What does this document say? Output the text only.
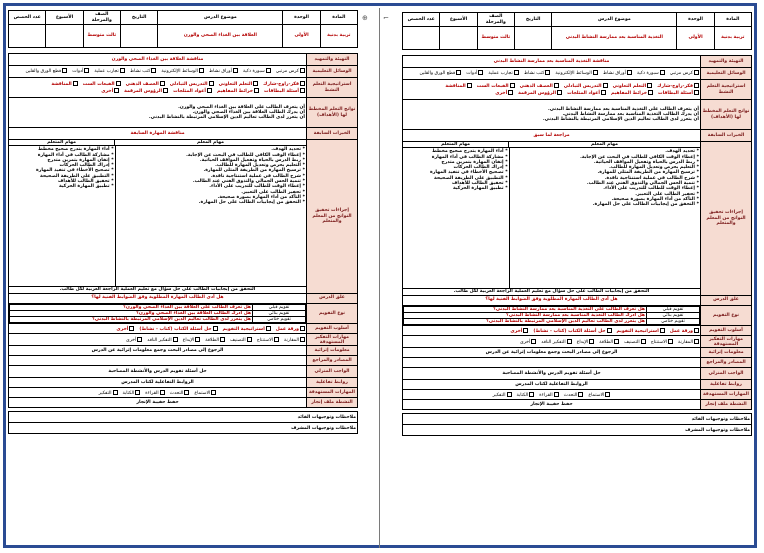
⊕ ⌐
المادة	الوحدة	موضوع الدرس	التاريخ	الصف والمرحلة	الأسبوع	عدد الحصص
تربية بدنية	الأولى	العلاقة بين الغذاء الصحي والوزن		ثالث متوسط		
التهيئة والتمهيد	مناقشة العلاقة بين الغذاء الصحي والوزن
الوسائل التعليمية	
كرس مرتبي
سبورة ذكية
أوراق نشاط
الوسائط الإلكترونية
كتب نشاط
تجارب عملية
أدوات
قطع الورق والقلين

استراتيجية التعلم النشط	
فكر-زاوج-شارك
التعلم التعاوني
التدريس التبادلي
العصف الذهني
القبعات الست
المناقشة
أسئلة البطاقات
خرائط المفاهيم
أعواد المثلجات
الرؤوس المرقمة
أخرى

نواتج التعلم المخطط لها (الأهداف)	
أن يتعرف الطالب على العلاقة بين الغذاء الصحي والوزن.
أن يدرك الطالب العلاقة بين الغذاء الصحي والوزن.
أن يتعزز لدى الطالب تعاليم الدين الإسلامي المرتبطة بالنشاط البدني.

الخبرات السابقة	مناقشة المهارة السابقة
إجراءات تحقيق النواتج من المعلم والمتعلم	
مهام المعلم
مهام المتعلم
* تحديد الهدف.
* إعطاء الوقت الكافي للطالب في البحث عن الإجابة.
* ربط الدرس بالحياة وتفعيل المواقف الحياتية.
* التعليم بحرص وتعديل المهارة للطالب.
* ترسيخ المهارة من الطريقة المثلى للمهارة.
* شرح الطالب في عملية استنتاجية ناقدة.
* تنمية الحس الجمالي والتذوق الفني عند الطالب.
* إعطاء الوقت للطالب للتدريب على الأداء.
* تحفيز الطالب على التعبير.
* التأكد من أداء المهارة بصورة صحيحة.
* التحقق من إيجابيات الطالب على حل المهارة.
* أداء المهارة بتدرج صحيح مخطط
* مشاركة الطالب في أداء المهارة
* إتقان المهارة بتمرين متدرج
* إدراك الطالب الحركات
* تصحيح الأخطاء في تنفيذ المهارة
* التطبيق على الطريقة الصحيحة
* تحقيق الطالب للأهداف
* تطبيق المهارة الحركية
التحقق من إيجابيات الطالب على حل سؤال مع تعليم العملية الراجعة العربية لكل طالب.

غلق الدرس	هل أدى الطالب المهارة المطلوبة وفق الضوابط الفنية لها؟
نوع التقويم	
تقويم قبلي	هل تعرف الطالب على العلاقة بين الغذاء الصحي والوزن؟
تقويم بنائي	هل أدرك الطالب العلاقة بين الغذاء الصحي والوزن؟
تقويم ختامي	هل يتعزز لدى الطالب تعاليم الدين الإسلامي المرتبطة بالنشاط البدني؟

أسلوب التقويم	
ورقة عمل
استراتيجية التقويم
حل أسئلة الكتاب (كتاب - نشاط)
أخرى

مهارات التفكير المستهدفة	
المقارنة
الاستنتاج
التصنيف
الطلاقة
الإبداع
التفكير الناقد
أخرى

معلومات إثرائية	الرجوع إلى مصادر البحث وجمع معلومات إثرائية عن الدرس
المصادر والمراجع	
الواجب المنزلي	حل أسئلة تقويم الدرس والأنشطة المصاحبة
روابط تفاعلية	الروابط التفاعلية لكتاب المدرس
المهارات المستهدفة	
الاستماع
التحدث
القراءة
الكتابة
التفكير

النشطة ملف إنجاز	حفظ حقيبة الإنجاز
ملاحظات وتوجيهات القائد
ملاحظات وتوجيهات المشرف
المادة	الوحدة	موضوع الدرس	التاريخ	الصف والمرحلة	الأسبوع	عدد الحصص
تربية بدنية	الأولى	التغذية المناسبة بعد ممارسة النشاط البدني		ثالث متوسط		
التهيئة والتمهيد	مناقشة التغذية المناسبة بعد ممارسة النشاط البدني
الوسائل التعليمية	
كرس مرتبي
سبورة ذكية
أوراق نشاط
الوسائط الإلكترونية
كتب نشاط
تجارب عملية
أدوات
قطع الورق والقلين

استراتيجية التعلم النشط	
فكر-زاوج-شارك
التعلم التعاوني
التدريس التبادلي
العصف الذهني
القبعات الست
المناقشة
أسئلة البطاقات
خرائط المفاهيم
أعواد المثلجات
الرؤوس المرقمة
أخرى

نواتج التعلم المخطط لها (الأهداف)	
أن يتعرف الطالب على التغذية المناسبة بعد ممارسة النشاط البدني.
أن يدرك الطالب التغذية المناسبة بعد ممارسة النشاط البدني.
أن يتعزز لدى الطالب تعاليم الدين الإسلامي المرتبطة بالنشاط البدني.

الخبرات السابقة	مراجعة لما سبق
إجراءات تحقيق النواتج من المعلم والمتعلم	
مهام المعلم
مهام المتعلم
* تحديد الهدف.
* إعطاء الوقت الكافي للطالب في البحث عن الإجابة.
* ربط الدرس بالحياة وتفعيل المواقف الحياتية.
* التعليم بحرص وتعديل المهارة للطالب.
* ترسيخ المهارة من الطريقة المثلى للمهارة.
* شرح الطالب في عملية استنتاجية ناقدة.
* تنمية الحس الجمالي والتذوق الفني عند الطالب.
* إعطاء الوقت للطالب للتدريب على الأداء.
* تحفيز الطالب على التعبير.
* التأكد من أداء المهارة بصورة صحيحة.
* التحقق من إيجابيات الطالب على حل المهارة.
* أداء المهارة بتدرج صحيح مخطط
* مشاركة الطالب في أداء المهارة
* إتقان المهارة بتمرين متدرج
* إدراك الطالب الحركات
* تصحيح الأخطاء في تنفيذ المهارة
* التطبيق على الطريقة الصحيحة
* تحقيق الطالب للأهداف
* تطبيق المهارة الحركية
التحقق من إيجابيات الطالب على حل سؤال مع تعليم العملية الراجعة العربية لكل طالب.

غلق الدرس	هل أدى الطالب المهارة المطلوبة وفق الضوابط الفنية لها؟
نوع التقويم	
تقويم قبلي	هل تعرف الطالب على التغذية المناسبة بعد ممارسة النشاط البدني؟
تقويم بنائي	هل أدرك الطالب التغذية المناسبة بعد ممارسة النشاط البدني؟
تقويم ختامي	هل يتعزز لدى الطالب تعاليم الدين الإسلامي المرتبطة بالنشاط البدني؟

أسلوب التقويم	
ورقة عمل
استراتيجية التقويم
حل أسئلة الكتاب (كتاب - نشاط)
أخرى

مهارات التفكير المستهدفة	
المقارنة
الاستنتاج
التصنيف
الطلاقة
الإبداع
التفكير الناقد
أخرى

معلومات إثرائية	الرجوع إلى مصادر البحث وجمع معلومات إثرائية عن الدرس
المصادر والمراجع	
الواجب المنزلي	حل أسئلة تقويم الدرس والأنشطة المصاحبة
روابط تفاعلية	الروابط التفاعلية لكتاب المدرس
المهارات المستهدفة	
الاستماع
التحدث
القراءة
الكتابة
التفكير

النشطة ملف إنجاز	حفظ حقيبة الإنجاز
ملاحظات وتوجيهات القائد
ملاحظات وتوجيهات المشرف
